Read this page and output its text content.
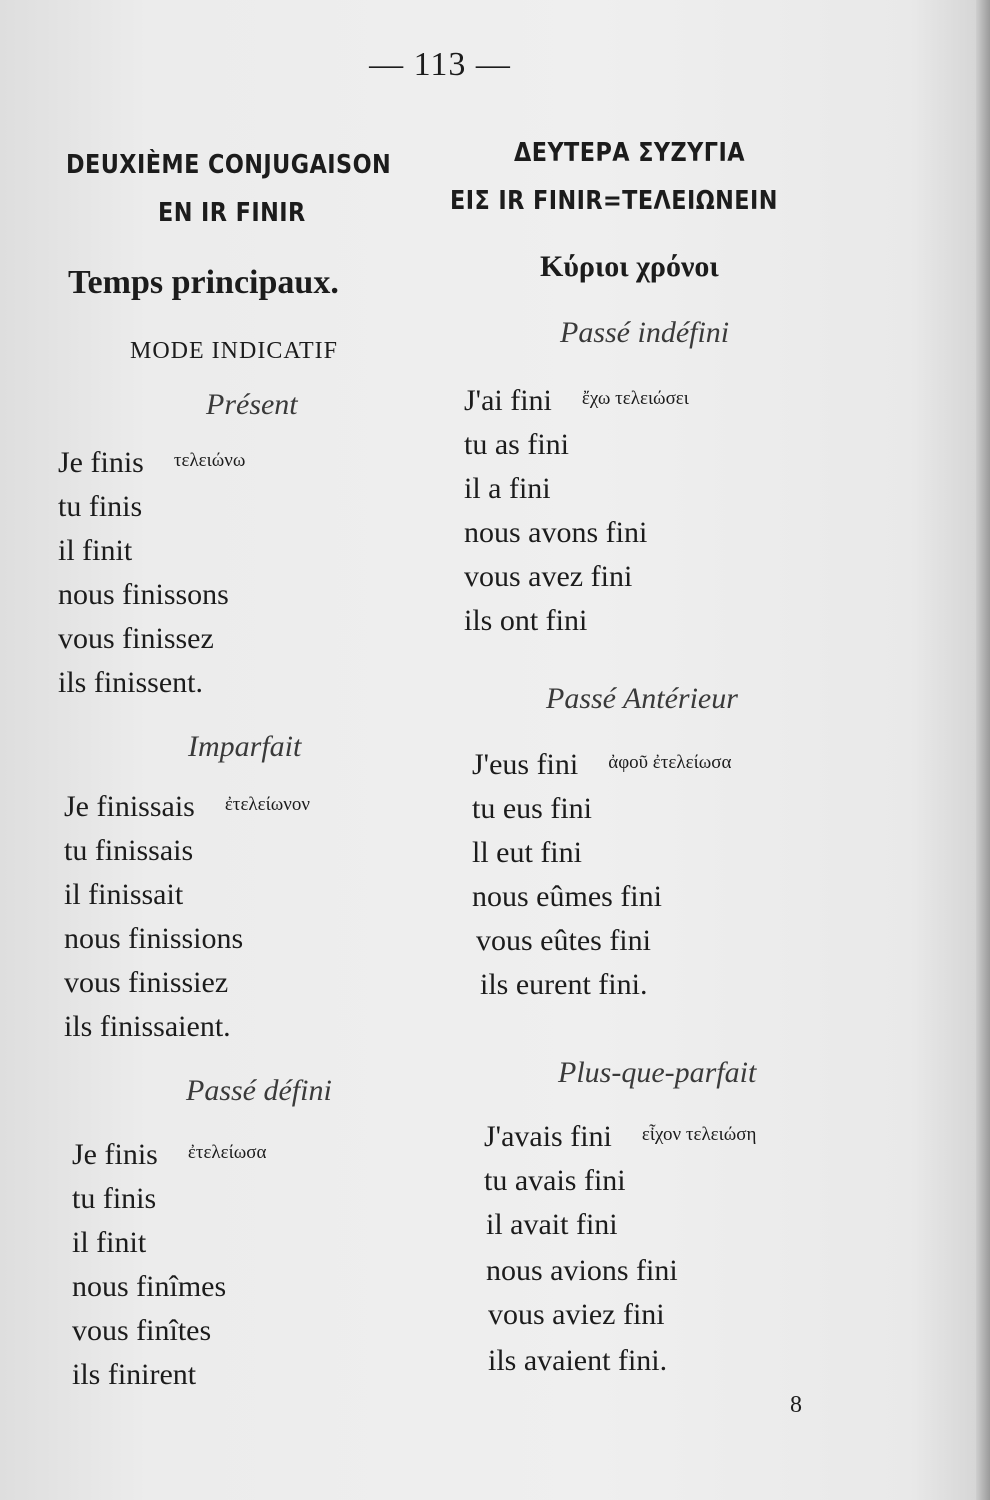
— 113 —
DEUXIÈME CONJUGAISON
EN IR FINIR
Temps principaux.
MODE INDICATIF
Présent
Je finis $^{\tau\varepsilon\lambda\varepsilon\iota ώ\nu\omega}$
tu finis
il finit
nous finissons
vous finissez
ils finissent.
Imparfait
Je finissais $^{ἐ\tau\varepsilon\lambda\varepsilon ί\omega\nu o\nu}$
tu finissais
il finissait
nous finissions
vous finissiez
ils finissaient.
Passé défini
Je finis $^{ἐ\tau\varepsilon\lambda\varepsilon ί\omega\sigma\alpha}$
tu finis
il finit
nous finîmes
vous finîtes
ils finirent
ΔΕΥΤΕΡΑ ΣΥΖΥΓΙΑ
ΕΙΣ IR FINIR=ΤΕΛΕΙΩΝΕΙΝ
Κύριοι χρόνοι
Passé indéfini
J'ai fini $^{ἔ\chi\omega \tau\varepsilon\lambda\varepsilon\iota ώ\sigma\varepsilon\iota}$
tu as fini
il a fini
nous avons fini
vous avez fini
ils ont fini
Passé Antérieur
J'eus fini $^{ἀ\varphi oῦ ἐ\tau\varepsilon\lambda\varepsilon ί\omega\sigma\alpha}$
tu eus fini
ll eut fini
nous eûmes fini
vous eûtes fini
ils eurent fini.
Plus-que-parfait
J'avais fini $^{\varepsilon ἶ\chi o\nu \tau\varepsilon\lambda\varepsilon\iota ώ\sigma\eta}$
tu avais fini
il avait fini
nous avions fini
vous aviez fini
ils avaient fini.
8
